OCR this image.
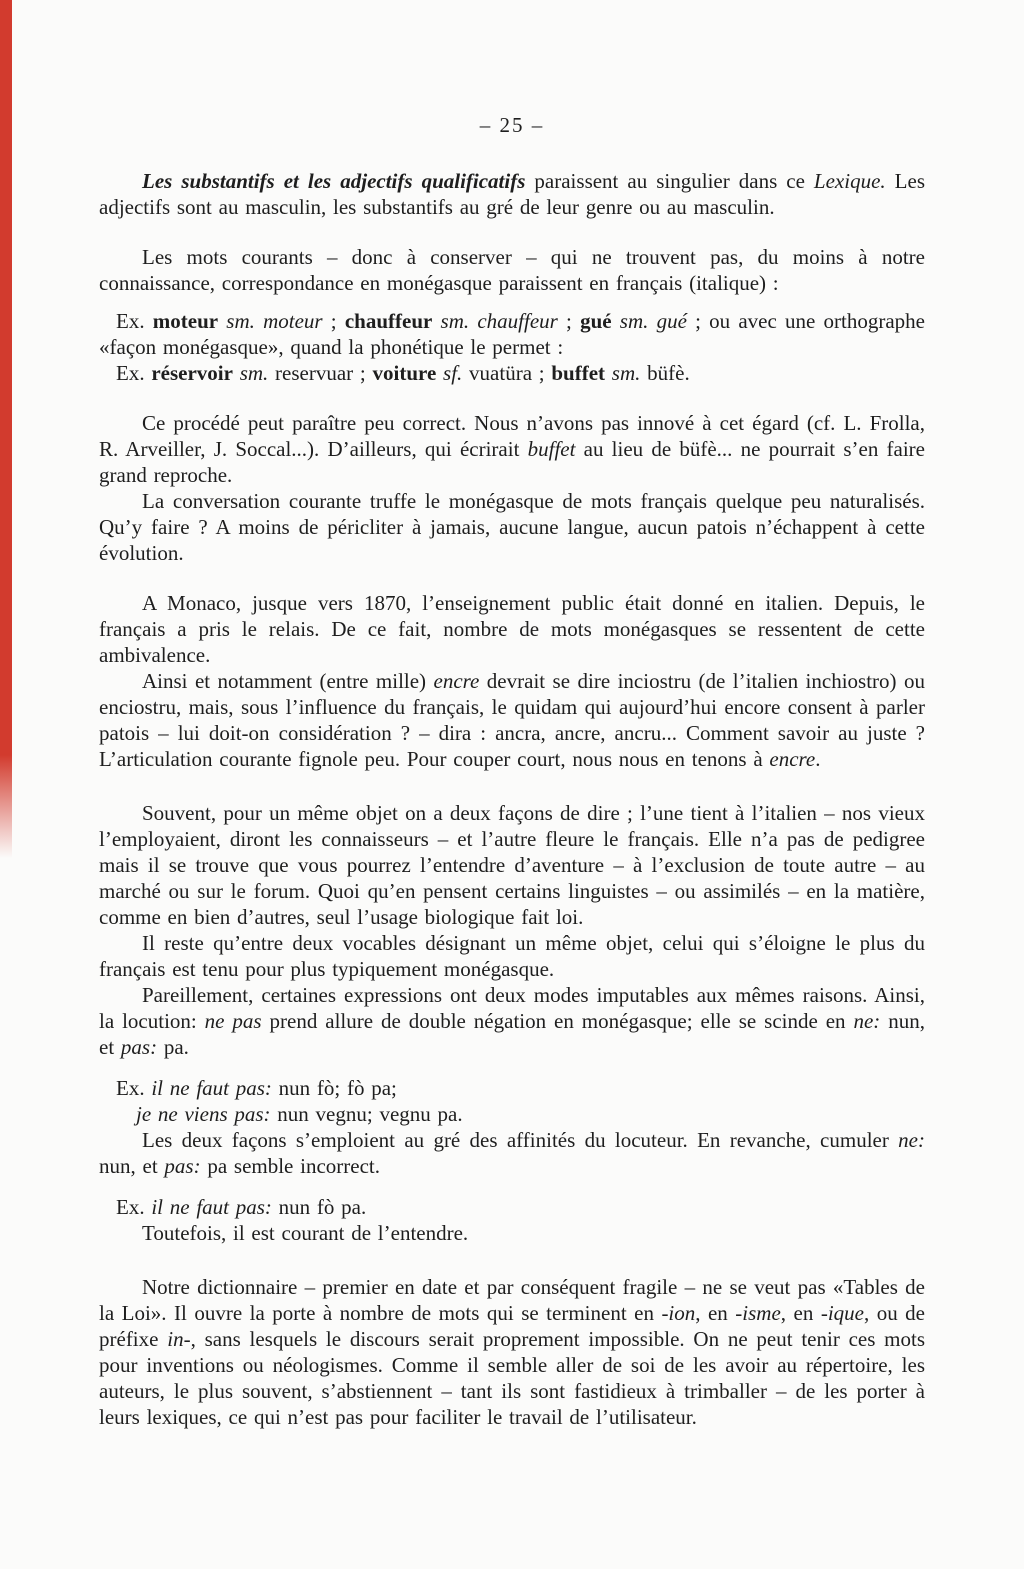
– 25 –

Les substantifs et les adjectifs qualificatifs paraissent au singulier dans ce Lexique. Les adjectifs sont au masculin, les substantifs au gré de leur genre ou au masculin.

Les mots courants – donc à conserver – qui ne trouvent pas, du moins à notre connaissance, correspondance en monégasque paraissent en français (italique) :

Ex. moteur sm. moteur ; chauffeur sm. chauffeur ; gué sm. gué ; ou avec une orthographe «façon monégasque», quand la phonétique le permet :

Ex. réservoir sm. reservuar ; voiture sf. vuatüra ; buffet sm. büfè.

Ce procédé peut paraître peu correct. Nous n’avons pas innové à cet égard (cf. L. Frolla, R. Arveiller, J. Soccal...). D’ailleurs, qui écrirait buffet au lieu de büfè... ne pourrait s’en faire grand reproche.

La conversation courante truffe le monégasque de mots français quelque peu naturalisés. Qu’y faire ? A moins de péricliter à jamais, aucune langue, aucun patois n’échappent à cette évolution.

A Monaco, jusque vers 1870, l’enseignement public était donné en italien. Depuis, le français a pris le relais. De ce fait, nombre de mots monégasques se ressentent de cette ambivalence.

Ainsi et notamment (entre mille) encre devrait se dire inciostru (de l’italien inchiostro) ou enciostru, mais, sous l’influence du français, le quidam qui aujourd’hui encore consent à parler patois – lui doit-on considération ? – dira : ancra, ancre, ancru... Comment savoir au juste ? L’articulation courante fignole peu. Pour couper court, nous nous en tenons à encre.

Souvent, pour un même objet on a deux façons de dire ; l’une tient à l’italien – nos vieux l’employaient, diront les connaisseurs – et l’autre fleure le français. Elle n’a pas de pedigree mais il se trouve que vous pourrez l’entendre d’aventure – à l’exclusion de toute autre – au marché ou sur le forum. Quoi qu’en pensent certains linguistes – ou assimilés – en la matière, comme en bien d’autres, seul l’usage biologique fait loi.

Il reste qu’entre deux vocables désignant un même objet, celui qui s’éloigne le plus du français est tenu pour plus typiquement monégasque.

Pareillement, certaines expressions ont deux modes imputables aux mêmes raisons. Ainsi, la locution: ne pas prend allure de double négation en monégasque; elle se scinde en ne: nun, et pas: pa.

Ex. il ne faut pas: nun fò; fò pa;

je ne viens pas: nun vegnu; vegnu pa.

Les deux façons s’emploient au gré des affinités du locuteur. En revanche, cumuler ne: nun, et pas: pa semble incorrect.

Ex. il ne faut pas: nun fò pa.

Toutefois, il est courant de l’entendre.

Notre dictionnaire – premier en date et par conséquent fragile – ne se veut pas «Tables de la Loi». Il ouvre la porte à nombre de mots qui se terminent en -ion, en -isme, en -ique, ou de préfixe in-, sans lesquels le discours serait proprement impossible. On ne peut tenir ces mots pour inventions ou néologismes. Comme il semble aller de soi de les avoir au répertoire, les auteurs, le plus souvent, s’abstiennent – tant ils sont fastidieux à trimballer – de les porter à leurs lexiques, ce qui n’est pas pour faciliter le travail de l’utilisateur.
